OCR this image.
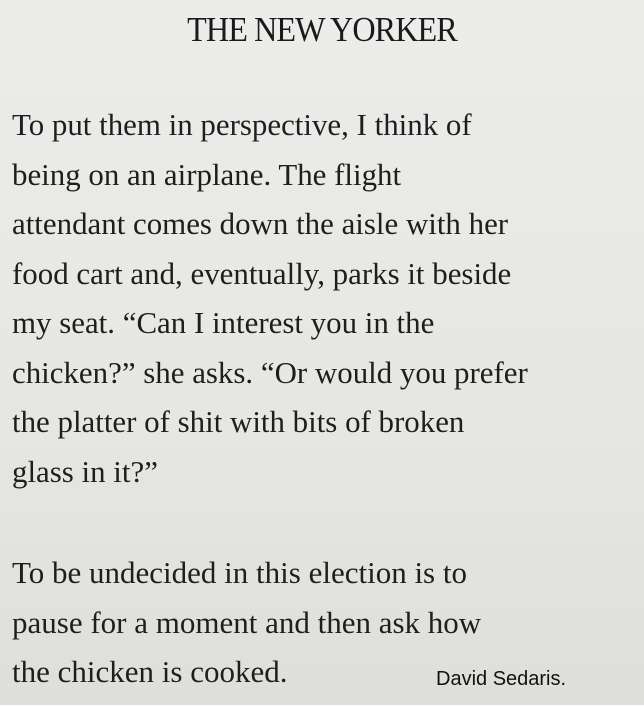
THE NEW YORKER

To put them in perspective, I think of
being on an airplane. The flight
attendant comes down the aisle with her
food cart and, eventually, parks it beside
my seat. “Can I interest you in the
chicken?” she asks. “Or would you prefer
the platter of shit with bits of broken
glass in it?”

To be undecided in this election is to
pause for a moment and then ask how
the chicken is cooked.	David Sedaris.
